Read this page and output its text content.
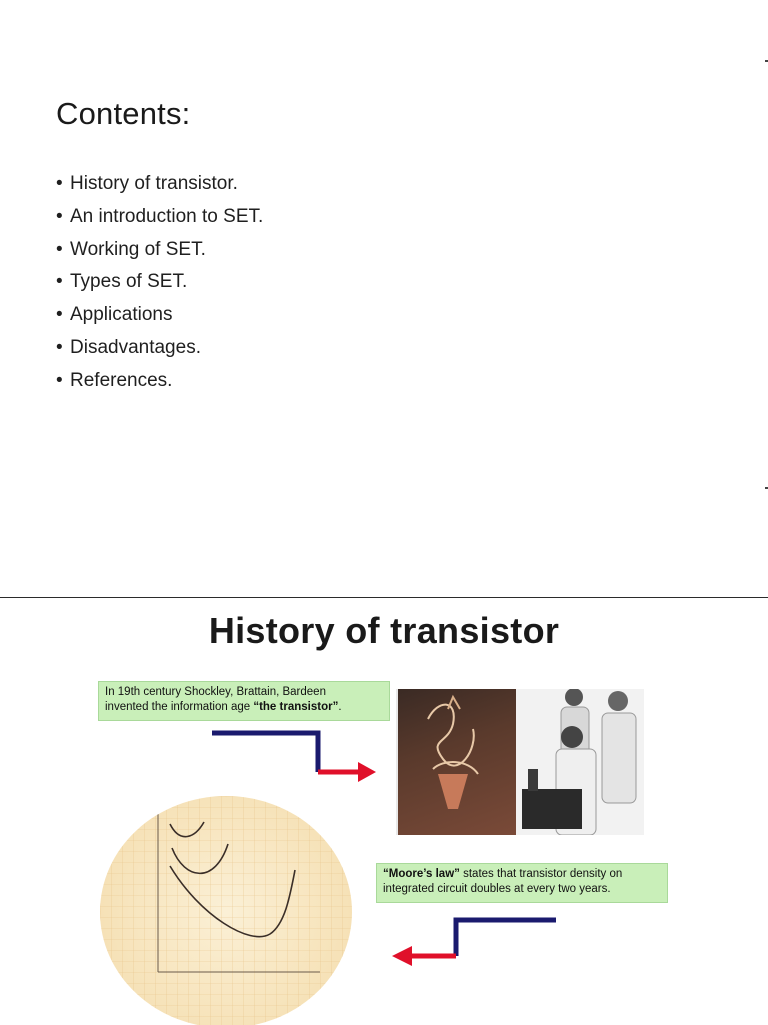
Contents:
• History of transistor.
• An introduction to SET.
• Working of SET.
• Types of SET.
• Applications
• Disadvantages.
• References.
History of transistor
In 19th century Shockley, Brattain, Bardeen
invented the information age “the transistor”.
“Moore’s law” states that transistor density on
integrated circuit doubles at every two years.
